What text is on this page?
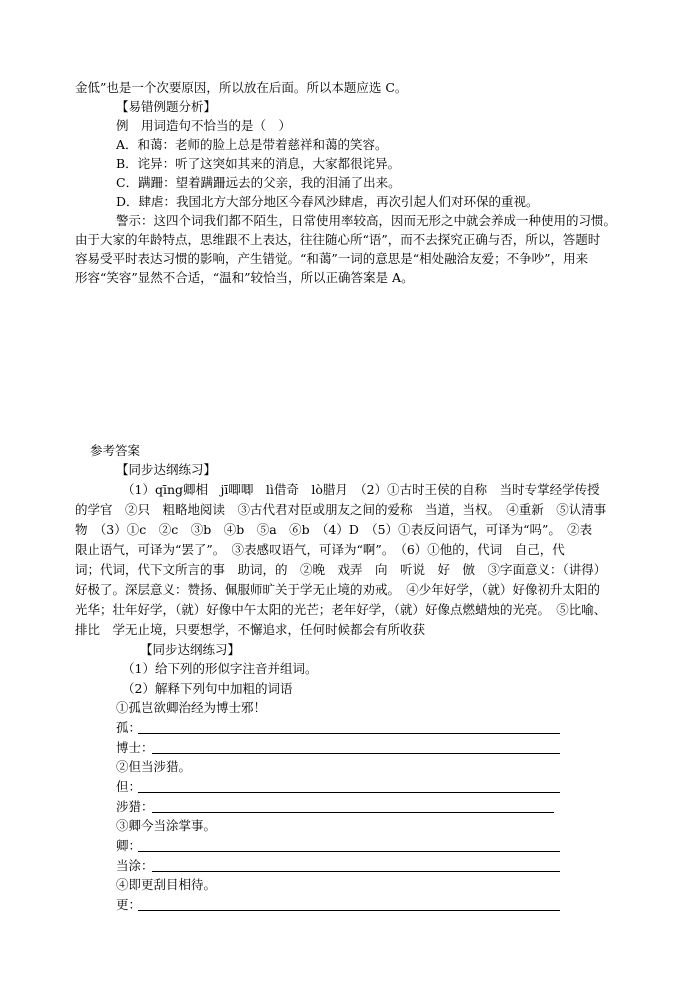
金低”也是一个次要原因，所以放在后面。所以本题应选 C。
【易错例题分析】
例　用词造句不恰当的是（　）
A．和蔼：老师的脸上总是带着慈祥和蔼的笑容。
B．诧异：听了这突如其来的消息，大家都很诧异。
C．蹒跚：望着蹒跚远去的父亲，我的泪涌了出来。
D．肆虐：我国北方大部分地区今春风沙肆虐，再次引起人们对环保的重视。
警示：这四个词我们都不陌生，日常使用率较高，因而无形之中就会养成一种使用的习惯。
由于大家的年龄特点，思维跟不上表达，往往随心所“语”，而不去探究正确与否，所以，答题时
容易受平时表达习惯的影响，产生错觉。“和蔼”一词的意思是“相处融洽友爱；不争吵”，用来
形容“笑容”显然不合适，“温和”较恰当，所以正确答案是 A。
参考答案
【同步达纲练习】
（1）qīng卿相　jī唧唧　lì借奇　lò腊月　（2）①古时王侯的自称　当时专掌经学传授
的学官　②只　粗略地阅读　③古代君对臣或朋友之间的爱称　当道，当权。　④重新　⑤认清事
物　（3）①c　②c　③b　④b　⑤a　⑥b　（4）D　（5）①表反问语气，可译为“吗”。　②表
限止语气，可译为“罢了”。　③表感叹语气，可译为“啊”。　（6）①他的，代词　自己，代
词；代词，代下文所言的事　助词，的　②晚　戏弄　向　听说　好　倣　③字面意义：（讲得）
好极了。深层意义：赞扬、佩服师旷关于学无止境的劝戒。　④少年好学，（就）好像初升太阳的
光华；壮年好学，（就）好像中午太阳的光芒；老年好学，（就）好像点燃蜡烛的光亮。　⑤比喻、
排比　学无止境，只要想学，不懈追求，任何时候都会有所收获
【同步达纲练习】
（1）给下列的形似字注音并组词。
（2）解释下列句中加粗的词语
①孤岂欲卿治经为博士邪！
孤：
博士：
②但当涉猎。
但：
涉猎：
③卿今当涂掌事。
卿：
当涂：
④即更刮目相待。
更：
